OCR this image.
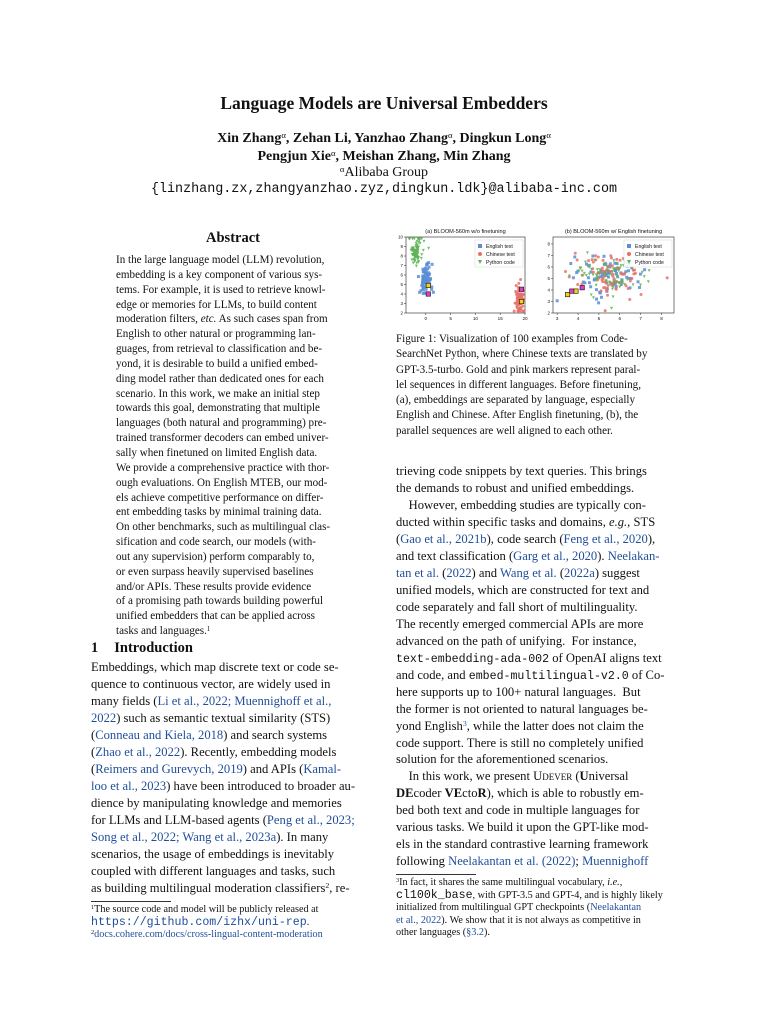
Language Models are Universal Embedders
Xin Zhang$^\alpha$, Zehan Li, Yanzhao Zhang$^\alpha$, Dingkun Long$^\alpha$
Pengjun Xie$^\alpha$, Meishan Zhang, Min Zhang
$^\alpha$Alibaba Group
{linzhang.zx,zhangyanzhao.zyz,dingkun.ldk}@alibaba-inc.com
Abstract
In the large language model (LLM) revolution,
embedding is a key component of various sys-
tems. For example, it is used to retrieve knowl-
edge or memories for LLMs, to build content
moderation filters, etc. As such cases span from
English to other natural or programming lan-
guages, from retrieval to classification and be-
yond, it is desirable to build a unified embed-
ding model rather than dedicated ones for each
scenario. In this work, we make an initial step
towards this goal, demonstrating that multiple
languages (both natural and programming) pre-
trained transformer decoders can embed univer-
sally when finetuned on limited English data.
We provide a comprehensive practice with thor-
ough evaluations. On English MTEB, our mod-
els achieve competitive performance on differ-
ent embedding tasks by minimal training data.
On other benchmarks, such as multilingual clas-
sification and code search, our models (with-
out any supervision) perform comparably to,
or even surpass heavily supervised baselines
and/or APIs. These results provide evidence
of a promising path towards building powerful
unified embedders that can be applied across
tasks and languages.$^1$
1 Introduction
Embeddings, which map discrete text or code se-
quence to continuous vector, are widely used in
many fields (Li et al., 2022; Muennighoff et al.,
2022) such as semantic textual similarity (STS)
(Conneau and Kiela, 2018) and search systems
(Zhao et al., 2022). Recently, embedding models
(Reimers and Gurevych, 2019) and APIs (Kamal-
loo et al., 2023) have been introduced to broader au-
dience by manipulating knowledge and memories
for LLMs and LLM-based agents (Peng et al., 2023;
Song et al., 2022; Wang et al., 2023a). In many
scenarios, the usage of embeddings is inevitably
coupled with different languages and tasks, such
as building multilingual moderation classifiers$^2$, re-
$^1$The source code and model will be publicly released at
https://github.com/izhx/uni-rep.
$^2$docs.cohere.com/docs/cross-lingual-content-moderation
(a) BLOOM-560m w/o finetuning
0	5	10	15	20
2
3
4
5
6
7
8
9
10
English text
Chinese text
Python code
(b) BLOOM-560m w/ English finetuning
3	4	5	6	7	8
2
3
4
5
6
7
8	English text
Chinese text
Python code
Figure 1: Visualization of 100 examples from Code-
SearchNet Python, where Chinese texts are translated by
GPT-3.5-turbo. Gold and pink markers represent paral-
lel sequences in different languages. Before finetuning,
(a), embeddings are separated by language, especially
English and Chinese. After English finetuning, (b), the
parallel sequences are well aligned to each other.
trieving code snippets by text queries. This brings
the demands to robust and unified embeddings.
However, embedding studies are typically con-
ducted within specific tasks and domains, e.g., STS
(Gao et al., 2021b), code search (Feng et al., 2020),
and text classification (Garg et al., 2020). Neelakan-
tan et al. (2022) and Wang et al. (2022a) suggest
unified models, which are constructed for text and
code separately and fall short of multilinguality.
The recently emerged commercial APIs are more
advanced on the path of unifying.  For instance,
text-embedding-ada-002 of OpenAI aligns text
and code, and embed-multilingual-v2.0 of Co-
here supports up to 100+ natural languages.  But
the former is not oriented to natural languages be-
yond English$^3$, while the latter does not claim the
code support. There is still no completely unified
solution for the aforementioned scenarios.
In this work, we present Udever (Universal
DEcoder VEctoR), which is able to robustly em-
bed both text and code in multiple languages for
various tasks. We build it upon the GPT-like mod-
els in the standard contrastive learning framework
following Neelakantan et al. (2022); Muennighoff
$^3$In fact, it shares the same multilingual vocabulary, i.e.,
cl100k_base, with GPT-3.5 and GPT-4, and is highly likely
initialized from multilingual GPT checkpoints (Neelakantan
et al., 2022). We show that it is not always as competitive in
other languages (§3.2).
